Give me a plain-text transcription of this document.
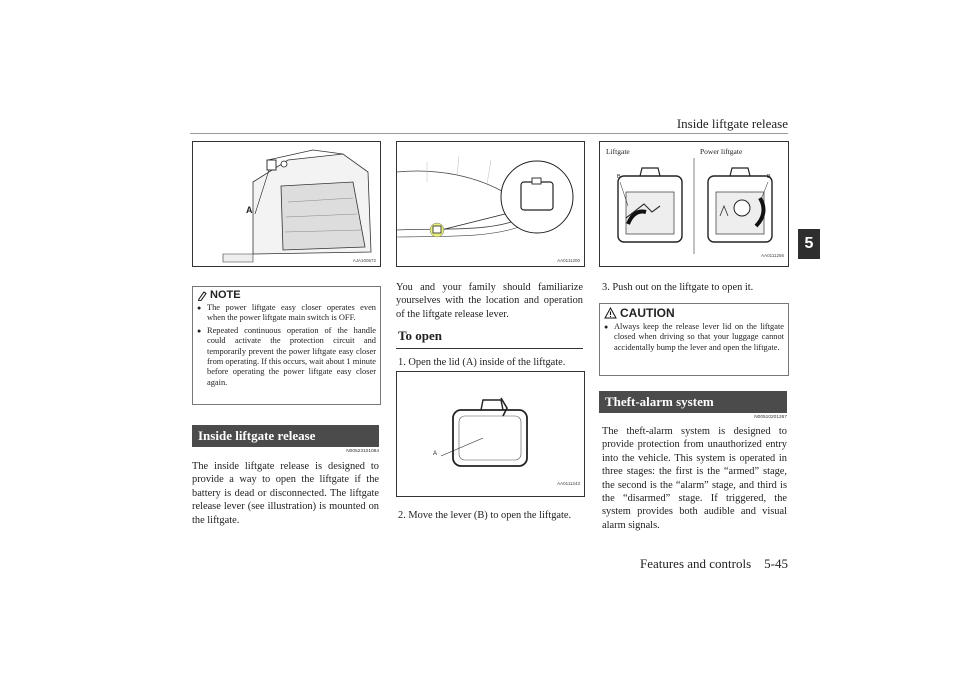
Inside liftgate release
5
A
AJA100672
NOTE
● The power liftgate easy closer operates even when the power liftgate main switch is OFF.
● Repeated continuous operation of the handle could activate the protection circuit and temporarily prevent the power liftgate easy closer from operating. If this occurs, wait about 1 minute before operating the power liftgate easy closer again.
Inside liftgate release
N00523101084
The inside liftgate release is designed to provide a way to open the liftgate if the battery is dead or disconnected. The liftgate release lever (see illustration) is mounted on the liftgate.
AA0111200
You and your family should familiarize yourselves with the location and operation of the liftgate release lever.
To open
1. Open the lid (A) inside of the liftgate.
A
AA0111243
2. Move the lever (B) to open the liftgate.
Liftgate	Power liftgate
B	B
AA0111256
3. Push out on the liftgate to open it.
CAUTION
● Always keep the release lever lid on the liftgate closed when driving so that your luggage cannot accidentally bump the lever and open the liftgate.
Theft-alarm system
N00510201267
The theft-alarm system is designed to provide protection from unauthorized entry into the vehicle. This system is operated in three stages: the first is the “armed” stage, the second is the “alarm” stage, and third is the “disarmed” stage. If triggered, the system provides both audible and visual alarm signals.
Features and controls    5-45
